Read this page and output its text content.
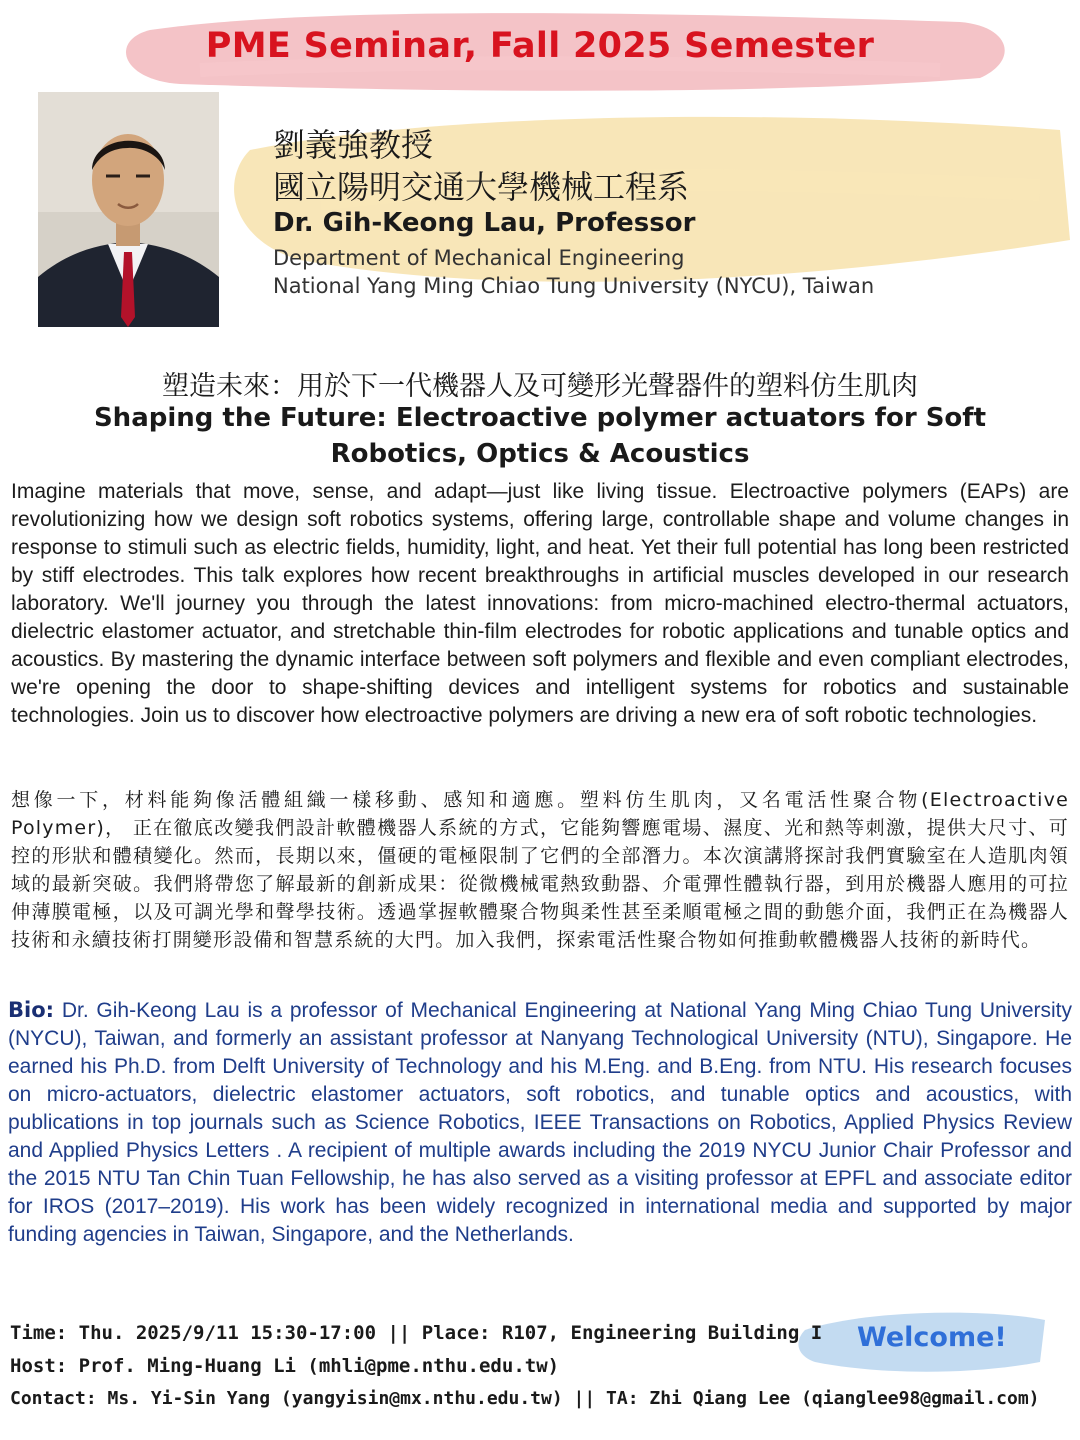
PME Seminar, Fall 2025 Semester
劉義強教授
國立陽明交通大學機械工程系
Dr. Gih-Keong Lau, Professor
Department of Mechanical Engineering
National Yang Ming Chiao Tung University (NYCU), Taiwan
塑造未來：用於下一代機器人及可變形光聲器件的塑料仿生肌肉
Shaping the Future: Electroactive polymer actuators for Soft Robotics, Optics & Acoustics

Imagine materials that move, sense, and adapt—just like living tissue. Electroactive polymers (EAPs) are revolutionizing how we design soft robotics systems, offering large, controllable shape and volume changes in response to stimuli such as electric fields, humidity, light, and heat. Yet their full potential has long been restricted by stiff electrodes. This talk explores how recent breakthroughs in artificial muscles developed in our research laboratory. We'll journey you through the latest innovations: from micro-machined electro-thermal actuators, dielectric elastomer actuator, and stretchable thin-film electrodes for robotic applications and tunable optics and acoustics. By mastering the dynamic interface between soft polymers and flexible and even compliant electrodes, we're opening the door to shape-shifting devices and intelligent systems for robotics and sustainable technologies. Join us to discover how electroactive polymers are driving a new era of soft robotic technologies.

想像一下，材料能夠像活體組織一樣移動、感知和適應。塑料仿生肌肉，又名電活性聚合物(Electroactive Polymer)， 正在徹底改變我們設計軟體機器人系統的方式，它能夠響應電場、濕度、光和熱等刺激，提供大尺寸、可控的形狀和體積變化。然而，長期以來，僵硬的電極限制了它們的全部潛力。本次演講將探討我們實驗室在人造肌肉領域的最新突破。我們將帶您了解最新的創新成果：從微機械電熱致動器、介電彈性體執行器，到用於機器人應用的可拉伸薄膜電極，以及可調光學和聲學技術。透過掌握軟體聚合物與柔性甚至柔順電極之間的動態介面，我們正在為機器人技術和永續技術打開變形設備和智慧系統的大門。加入我們，探索電活性聚合物如何推動軟體機器人技術的新時代。

Bio: Dr. Gih-Keong Lau is a professor of Mechanical Engineering at National Yang Ming Chiao Tung University (NYCU), Taiwan, and formerly an assistant professor at Nanyang Technological University (NTU), Singapore. He earned his Ph.D. from Delft University of Technology and his M.Eng. and B.Eng. from NTU. His research focuses on micro-actuators, dielectric elastomer actuators, soft robotics, and tunable optics and acoustics, with publications in top journals such as Science Robotics, IEEE Transactions on Robotics, Applied Physics Review and Applied Physics Letters . A recipient of multiple awards including the 2019 NYCU Junior Chair Professor and the 2015 NTU Tan Chin Tuan Fellowship, he has also served as a visiting professor at EPFL and associate editor for IROS (2017–2019). His work has been widely recognized in international media and supported by major funding agencies in Taiwan, Singapore, and the Netherlands.

Time: Thu. 2025/9/11 15:30-17:00 || Place: R107, Engineering Building I
Host: Prof. Ming-Huang Li (mhli@pme.nthu.edu.tw)
Contact: Ms. Yi-Sin Yang (yangyisin@mx.nthu.edu.tw) || TA: Zhi Qiang Lee (qianglee98@gmail.com)
Welcome!
